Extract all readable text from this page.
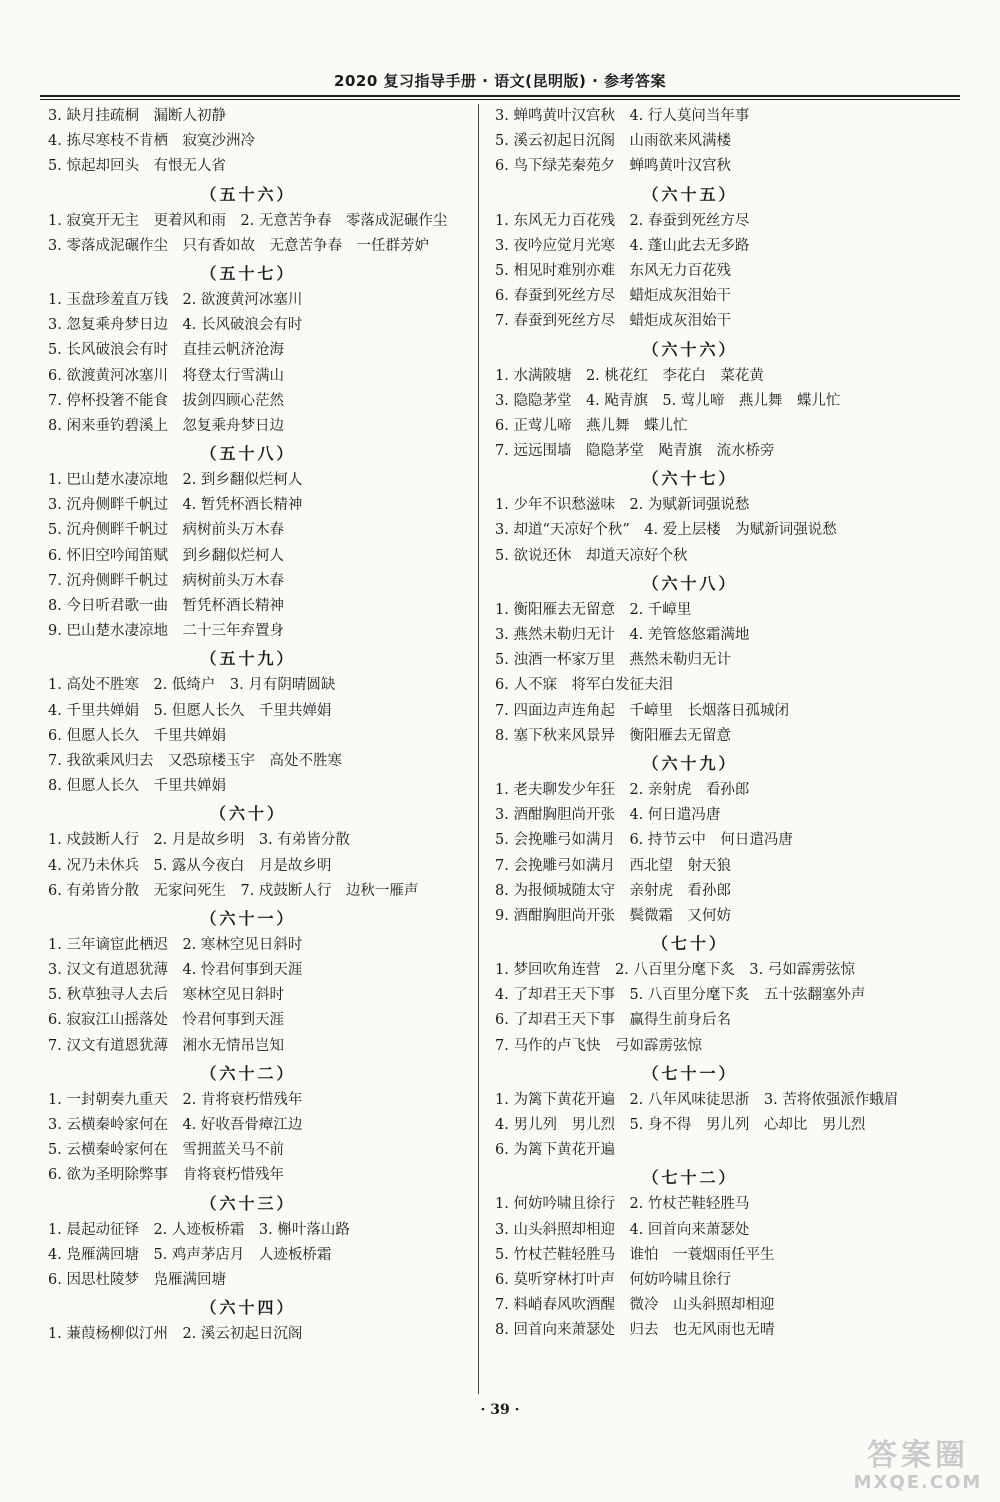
2020 复习指导手册 · 语文(昆明版) · 参考答案
3. 缺月挂疏桐　漏断人初静
4. 拣尽寒枝不肯栖　寂寞沙洲冷
5. 惊起却回头　有恨无人省
（五十六）
1. 寂寞开无主　更着风和雨　2. 无意苦争春　零落成泥碾作尘
3. 零落成泥碾作尘　只有香如故　无意苦争春　一任群芳妒
（五十七）
1. 玉盘珍羞直万钱　2. 欲渡黄河冰塞川
3. 忽复乘舟梦日边　4. 长风破浪会有时
5. 长风破浪会有时　直挂云帆济沧海
6. 欲渡黄河冰塞川　将登太行雪满山
7. 停杯投箸不能食　拔剑四顾心茫然
8. 闲来垂钓碧溪上　忽复乘舟梦日边
（五十八）
1. 巴山楚水凄凉地　2. 到乡翻似烂柯人
3. 沉舟侧畔千帆过　4. 暂凭杯酒长精神
5. 沉舟侧畔千帆过　病树前头万木春
6. 怀旧空吟闻笛赋　到乡翻似烂柯人
7. 沉舟侧畔千帆过　病树前头万木春
8. 今日听君歌一曲　暂凭杯酒长精神
9. 巴山楚水凄凉地　二十三年弃置身
（五十九）
1. 高处不胜寒　2. 低绮户　3. 月有阴晴圆缺
4. 千里共婵娟　5. 但愿人长久　千里共婵娟
6. 但愿人长久　千里共婵娟
7. 我欲乘风归去　又恐琼楼玉宇　高处不胜寒
8. 但愿人长久　千里共婵娟
（六十）
1. 戍鼓断人行　2. 月是故乡明　3. 有弟皆分散
4. 况乃未休兵　5. 露从今夜白　月是故乡明
6. 有弟皆分散　无家问死生　7. 戍鼓断人行　边秋一雁声
（六十一）
1. 三年谪宦此栖迟　2. 寒林空见日斜时
3. 汉文有道恩犹薄　4. 怜君何事到天涯
5. 秋草独寻人去后　寒林空见日斜时
6. 寂寂江山摇落处　怜君何事到天涯
7. 汉文有道恩犹薄　湘水无情吊岂知
（六十二）
1. 一封朝奏九重天　2. 肯将衰朽惜残年
3. 云横秦岭家何在　4. 好收吾骨瘴江边
5. 云横秦岭家何在　雪拥蓝关马不前
6. 欲为圣明除弊事　肯将衰朽惜残年
（六十三）
1. 晨起动征铎　2. 人迹板桥霜　3. 槲叶落山路
4. 凫雁满回塘　5. 鸡声茅店月　人迹板桥霜
6. 因思杜陵梦　凫雁满回塘
（六十四）
1. 蒹葭杨柳似汀州　2. 溪云初起日沉阁
3. 蝉鸣黄叶汉宫秋　4. 行人莫问当年事
5. 溪云初起日沉阁　山雨欲来风满楼
6. 鸟下绿芜秦苑夕　蝉鸣黄叶汉宫秋
（六十五）
1. 东风无力百花残　2. 春蚕到死丝方尽
3. 夜吟应觉月光寒　4. 蓬山此去无多路
5. 相见时难别亦难　东风无力百花残
6. 春蚕到死丝方尽　蜡炬成灰泪始干
7. 春蚕到死丝方尽　蜡炬成灰泪始干
（六十六）
1. 水满陂塘　2. 桃花红　李花白　菜花黄
3. 隐隐茅堂　4. 飐青旗　5. 莺儿啼　燕儿舞　蝶儿忙
6. 正莺儿啼　燕儿舞　蝶儿忙
7. 远远围墙　隐隐茅堂　飐青旗　流水桥旁
（六十七）
1. 少年不识愁滋味　2. 为赋新词强说愁
3. 却道“天凉好个秋”　4. 爱上层楼　为赋新词强说愁
5. 欲说还休　却道天凉好个秋
（六十八）
1. 衡阳雁去无留意　2. 千嶂里
3. 燕然未勒归无计　4. 羌管悠悠霜满地
5. 浊酒一杯家万里　燕然未勒归无计
6. 人不寐　将军白发征夫泪
7. 四面边声连角起　千嶂里　长烟落日孤城闭
8. 塞下秋来风景异　衡阳雁去无留意
（六十九）
1. 老夫聊发少年狂　2. 亲射虎　看孙郎
3. 酒酣胸胆尚开张　4. 何日遣冯唐
5. 会挽雕弓如满月　6. 持节云中　何日遣冯唐
7. 会挽雕弓如满月　西北望　射天狼
8. 为报倾城随太守　亲射虎　看孙郎
9. 酒酣胸胆尚开张　鬓微霜　又何妨
（七十）
1. 梦回吹角连营　2. 八百里分麾下炙　3. 弓如霹雳弦惊
4. 了却君王天下事　5. 八百里分麾下炙　五十弦翻塞外声
6. 了却君王天下事　赢得生前身后名
7. 马作的卢飞快　弓如霹雳弦惊
（七十一）
1. 为篱下黄花开遍　2. 八年风味徒思浙　3. 苦将侬强派作蛾眉
4. 男儿列　男儿烈　5. 身不得　男儿列　心却比　男儿烈
6. 为篱下黄花开遍
（七十二）
1. 何妨吟啸且徐行　2. 竹杖芒鞋轻胜马
3. 山头斜照却相迎　4. 回首向来萧瑟处
5. 竹杖芒鞋轻胜马　谁怕　一蓑烟雨任平生
6. 莫听穿林打叶声　何妨吟啸且徐行
7. 料峭春风吹酒醒　微冷　山头斜照却相迎
8. 回首向来萧瑟处　归去　也无风雨也无晴
· 39 ·
答案圈
MXQE.COM
